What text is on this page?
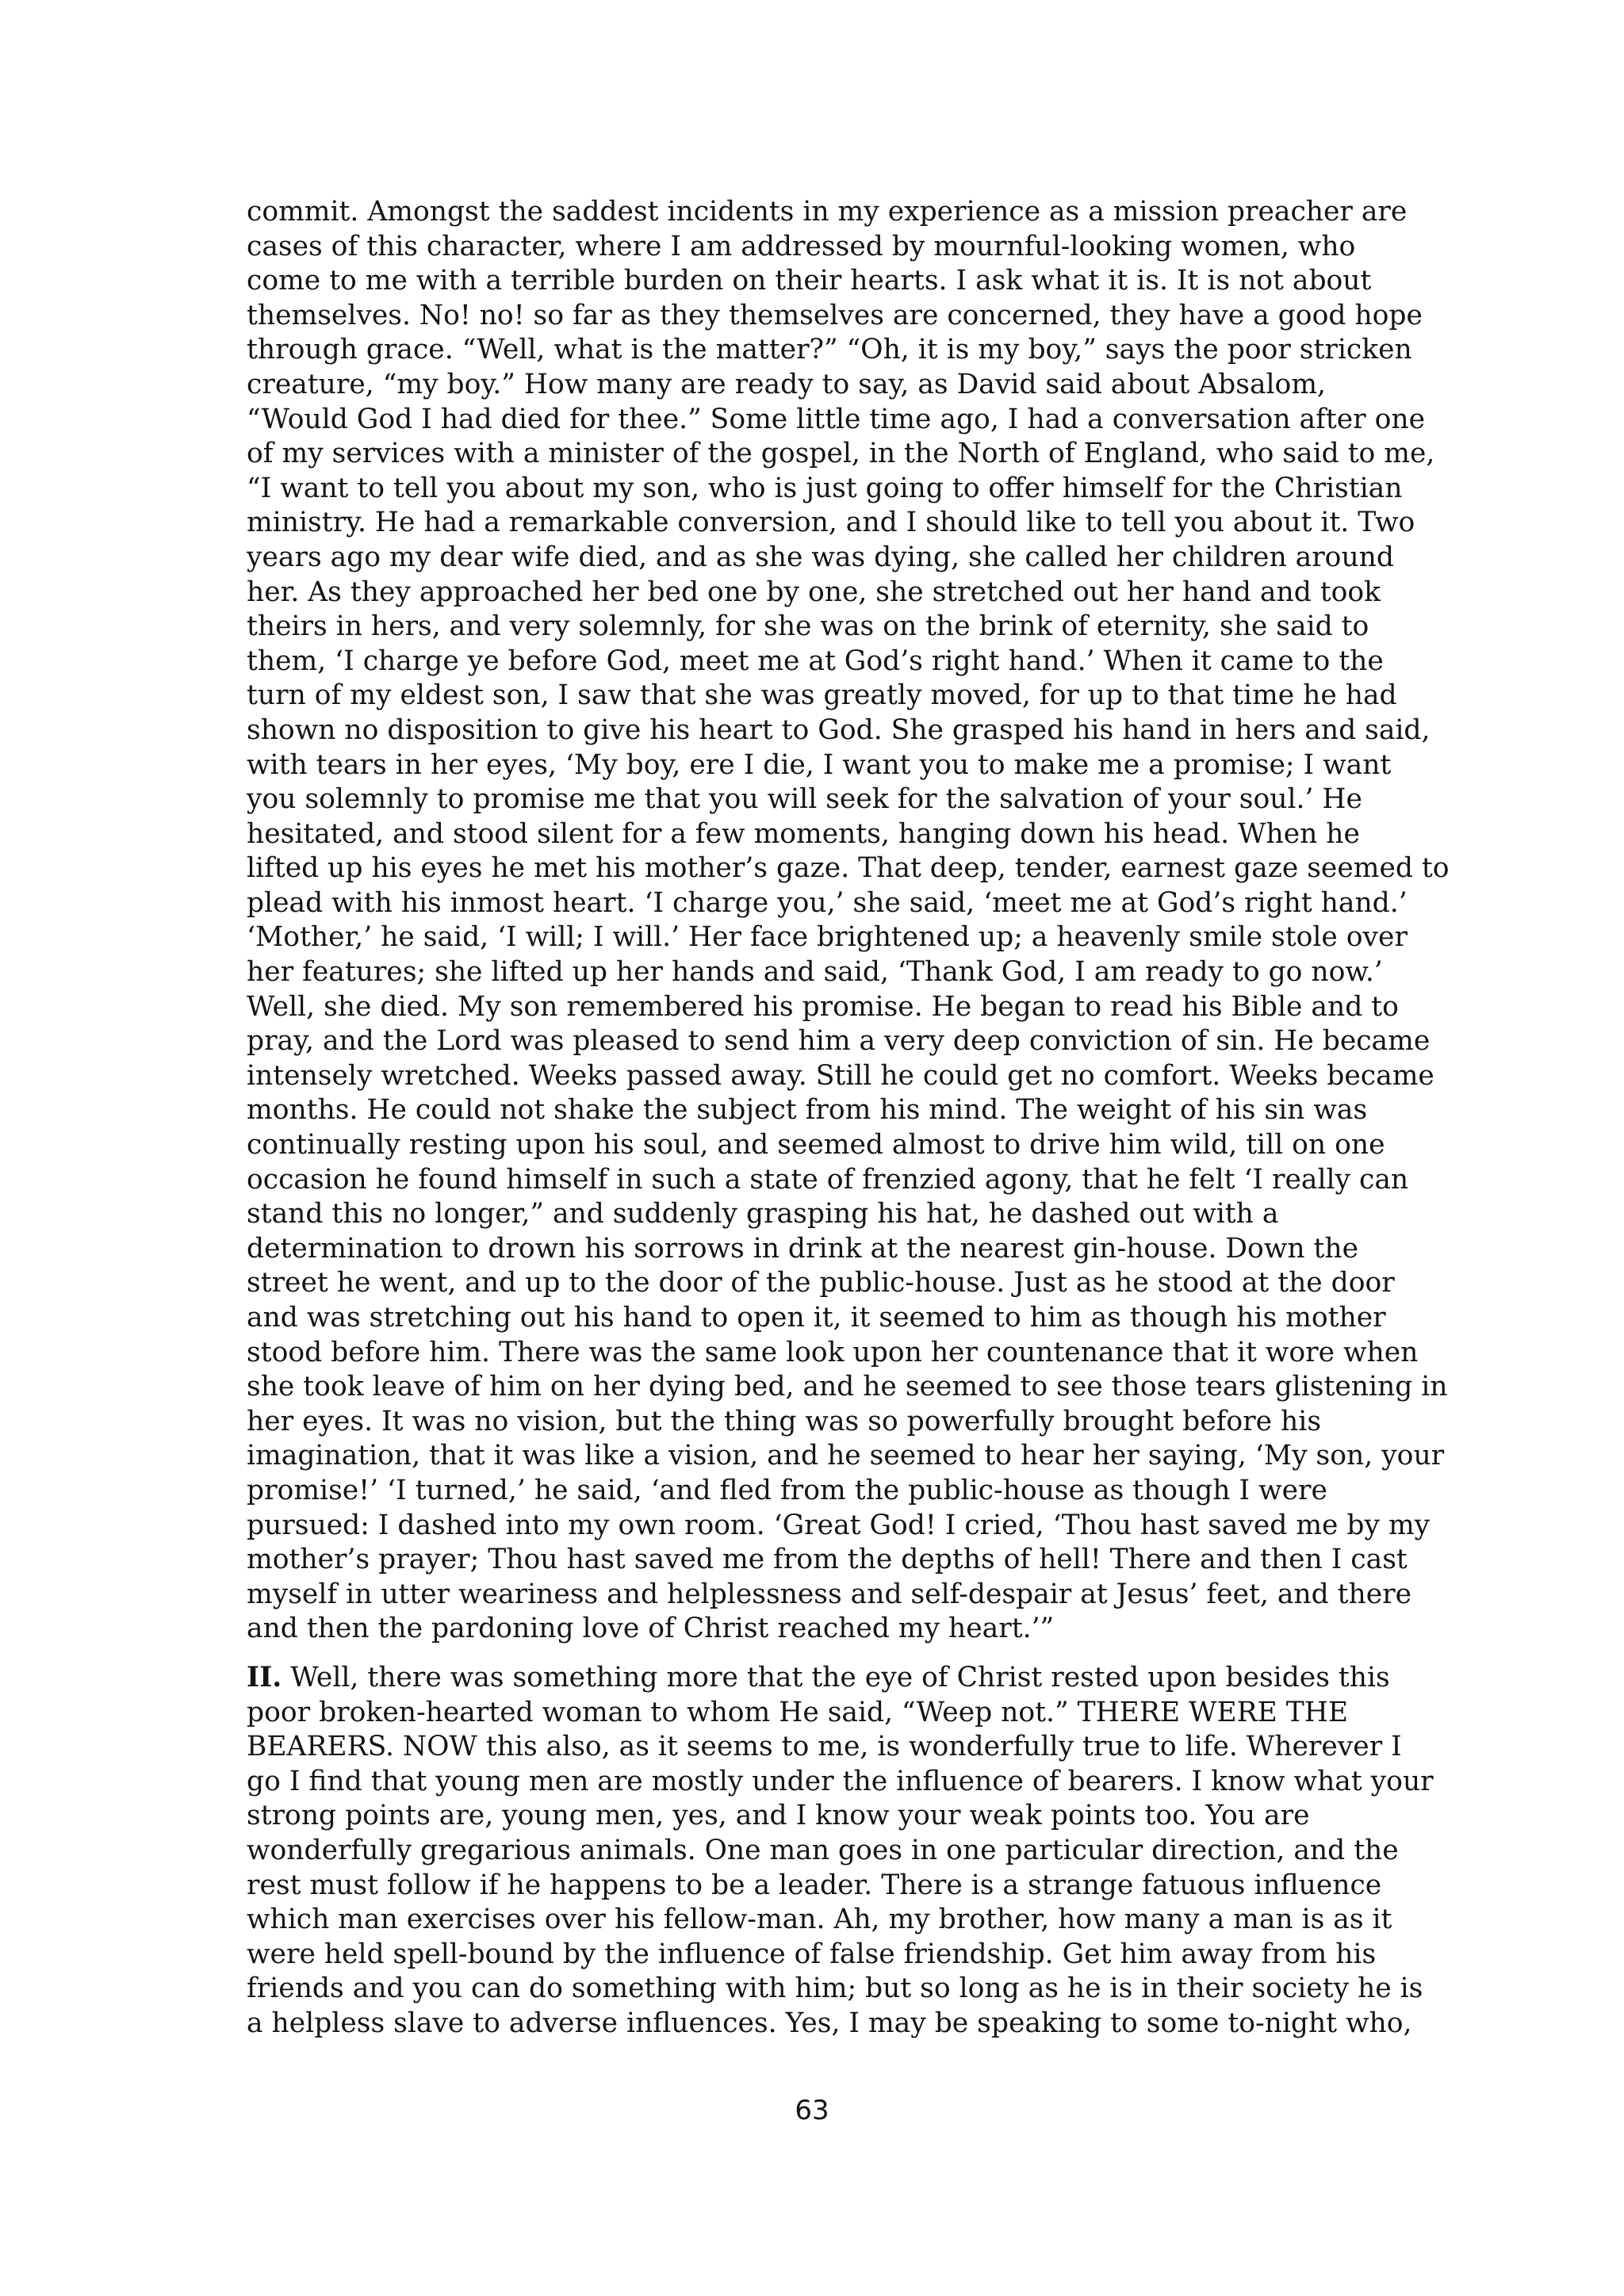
commit. Amongst the saddest incidents in my experience as a mission preacher are
cases of this character, where I am addressed by mournful-looking women, who
come to me with a terrible burden on their hearts. I ask what it is. It is not about
themselves. No! no! so far as they themselves are concerned, they have a good hope
through grace. “Well, what is the matter?” “Oh, it is my boy,” says the poor stricken
creature, “my boy.” How many are ready to say, as David said about Absalom,
“Would God I had died for thee.” Some little time ago, I had a conversation after one
of my services with a minister of the gospel, in the North of England, who said to me,
“I want to tell you about my son, who is just going to offer himself for the Christian
ministry. He had a remarkable conversion, and I should like to tell you about it. Two
years ago my dear wife died, and as she was dying, she called her children around
her. As they approached her bed one by one, she stretched out her hand and took
theirs in hers, and very solemnly, for she was on the brink of eternity, she said to
them, ‘I charge ye before God, meet me at God’s right hand.’ When it came to the
turn of my eldest son, I saw that she was greatly moved, for up to that time he had
shown no disposition to give his heart to God. She grasped his hand in hers and said,
with tears in her eyes, ‘My boy, ere I die, I want you to make me a promise; I want
you solemnly to promise me that you will seek for the salvation of your soul.’ He
hesitated, and stood silent for a few moments, hanging down his head. When he
lifted up his eyes he met his mother’s gaze. That deep, tender, earnest gaze seemed to
plead with his inmost heart. ‘I charge you,’ she said, ‘meet me at God’s right hand.’
‘Mother,’ he said, ‘I will; I will.’ Her face brightened up; a heavenly smile stole over
her features; she lifted up her hands and said, ‘Thank God, I am ready to go now.’
Well, she died. My son remembered his promise. He began to read his Bible and to
pray, and the Lord was pleased to send him a very deep conviction of sin. He became
intensely wretched. Weeks passed away. Still he could get no comfort. Weeks became
months. He could not shake the subject from his mind. The weight of his sin was
continually resting upon his soul, and seemed almost to drive him wild, till on one
occasion he found himself in such a state of frenzied agony, that he felt ‘I really can
stand this no longer,” and suddenly grasping his hat, he dashed out with a
determination to drown his sorrows in drink at the nearest gin-house. Down the
street he went, and up to the door of the public-house. Just as he stood at the door
and was stretching out his hand to open it, it seemed to him as though his mother
stood before him. There was the same look upon her countenance that it wore when
she took leave of him on her dying bed, and he seemed to see those tears glistening in
her eyes. It was no vision, but the thing was so powerfully brought before his
imagination, that it was like a vision, and he seemed to hear her saying, ‘My son, your
promise!’ ‘I turned,’ he said, ‘and fled from the public-house as though I were
pursued: I dashed into my own room. ‘Great God! I cried, ‘Thou hast saved me by my
mother’s prayer; Thou hast saved me from the depths of hell! There and then I cast
myself in utter weariness and helplessness and self-despair at Jesus’ feet, and there
and then the pardoning love of Christ reached my heart.’”

II. Well, there was something more that the eye of Christ rested upon besides this
poor broken-hearted woman to whom He said, “Weep not.” THERE WERE THE
BEARERS. NOW this also, as it seems to me, is wonderfully true to life. Wherever I
go I find that young men are mostly under the influence of bearers. I know what your
strong points are, young men, yes, and I know your weak points too. You are
wonderfully gregarious animals. One man goes in one particular direction, and the
rest must follow if he happens to be a leader. There is a strange fatuous influence
which man exercises over his fellow-man. Ah, my brother, how many a man is as it
were held spell-bound by the influence of false friendship. Get him away from his
friends and you can do something with him; but so long as he is in their society he is
a helpless slave to adverse influences. Yes, I may be speaking to some to-night who,

63
